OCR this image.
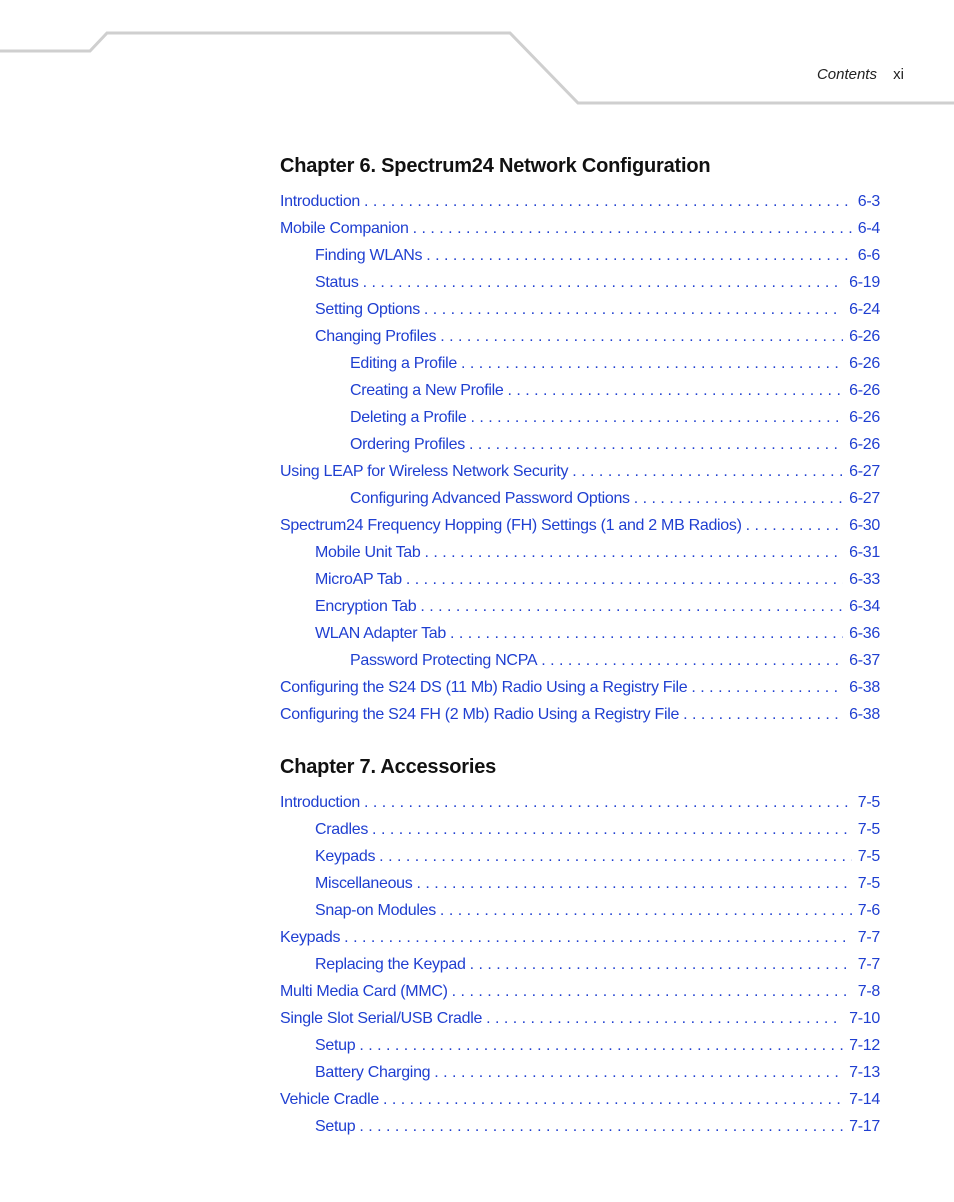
Contents xi
Chapter 6. Spectrum24 Network Configuration
Introduction . . .	6-3
Mobile Companion . . .	6-4
Finding WLANs . . .	6-6
Status . . .	6-19
Setting Options . . .	6-24
Changing Profiles . . .	6-26
Editing a Profile . . .	6-26
Creating a New Profile . . .	6-26
Deleting a Profile . . .	6-26
Ordering Profiles . . .	6-26
Using LEAP for Wireless Network Security . . .	6-27
Configuring Advanced Password Options . . .	6-27
Spectrum24 Frequency Hopping (FH) Settings (1 and 2 MB Radios) . . .	6-30
Mobile Unit Tab . . .	6-31
MicroAP Tab . . .	6-33
Encryption Tab . . .	6-34
WLAN Adapter Tab . . .	6-36
Password Protecting NCPA . . .	6-37
Configuring the S24 DS (11 Mb) Radio Using a Registry File . . .	6-38
Configuring the S24 FH (2 Mb) Radio Using a Registry File . . .	6-38
Chapter 7. Accessories
Introduction . . .	7-5
Cradles . . .	7-5
Keypads . . .	7-5
Miscellaneous . . .	7-5
Snap-on Modules . . .	7-6
Keypads . . .	7-7
Replacing the Keypad . . .	7-7
Multi Media Card (MMC) . . .	7-8
Single Slot Serial/USB Cradle . . .	7-10
Setup . . .	7-12
Battery Charging . . .	7-13
Vehicle Cradle . . .	7-14
Setup . . .	7-17
